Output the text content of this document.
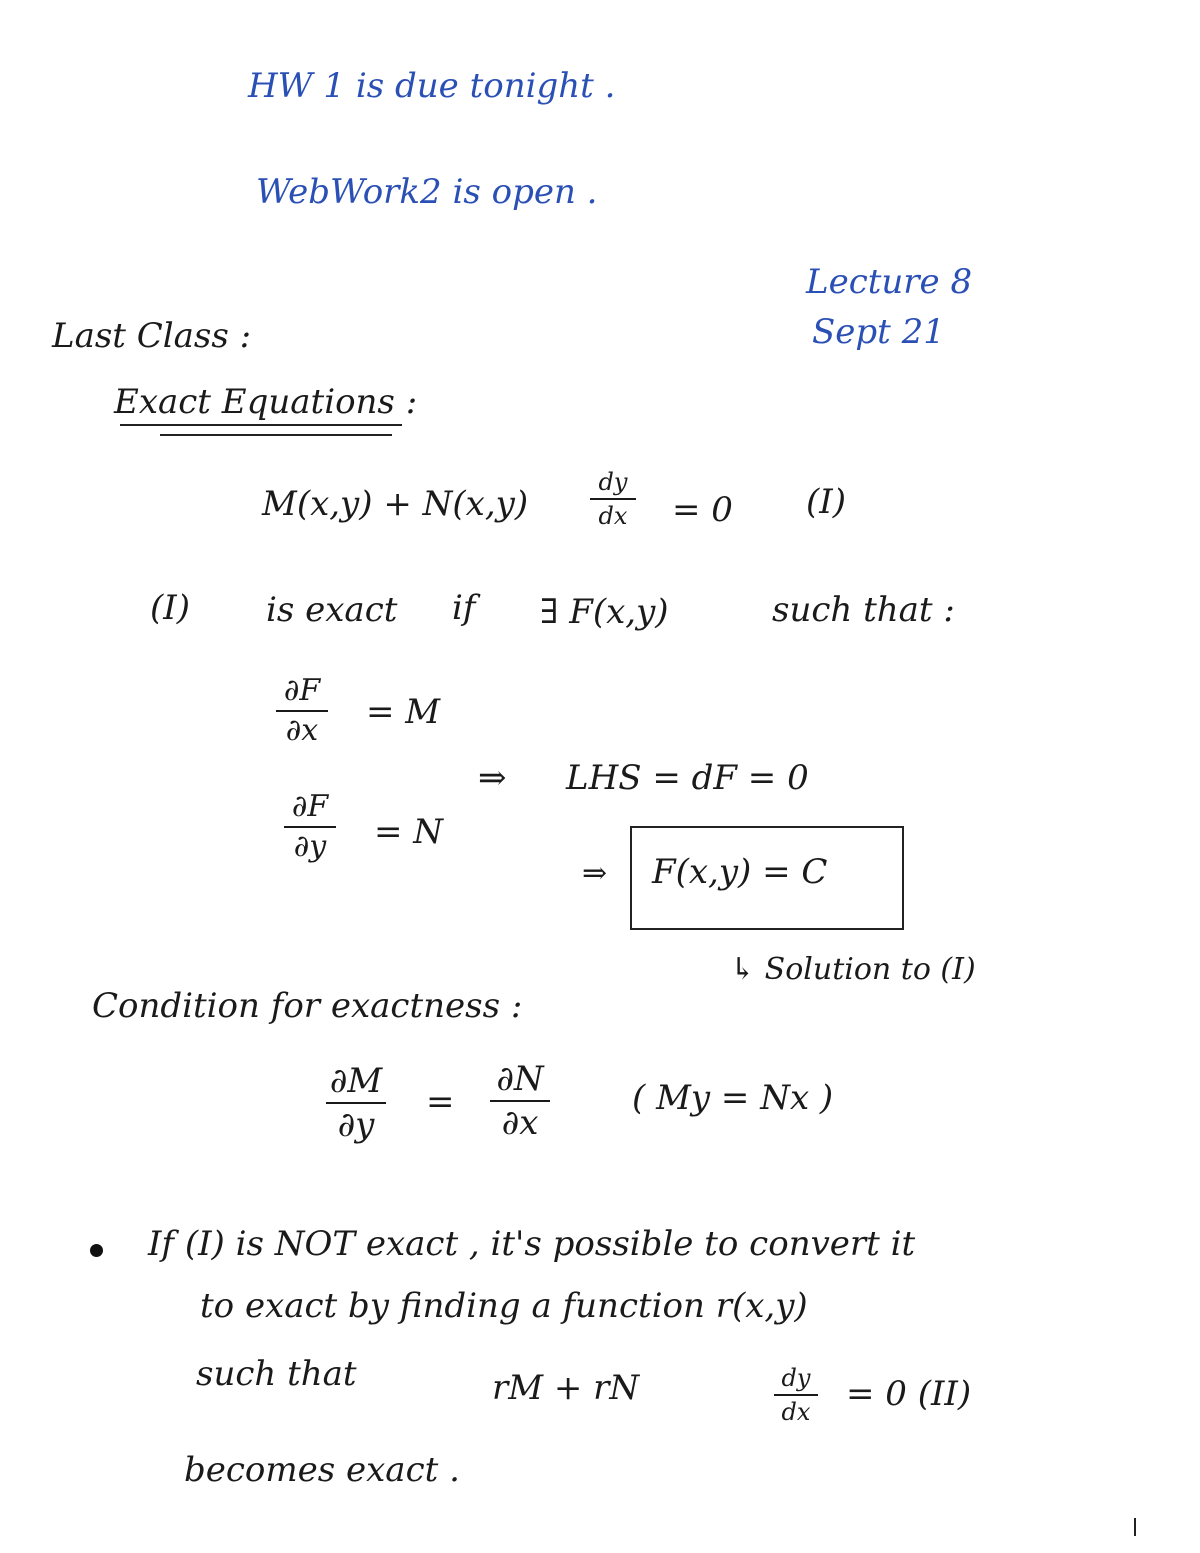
HW 1 is due tonight .
WebWork2 is open .
Lecture 8
Sept 21
Last Class :
Exact Equations :
M(x,y) + N(x,y)
dy
dx = 0 (I)
(I) is exact if ∃ F(x,y)	such that :
∂F
∂x = M
∂F
∂y = N
⇒ LHS = dF = 0
⇒ F(x,y) = C
↳ Solution to (I)
Condition for exactness :
∂M
∂y
=
∂N
∂x
( My = Nx )
If (I) is NOT exact , it's possible to convert it
to exact by finding a function r(x,y)
such that	rM + rN	dy
dx = 0 (II)
becomes exact .
